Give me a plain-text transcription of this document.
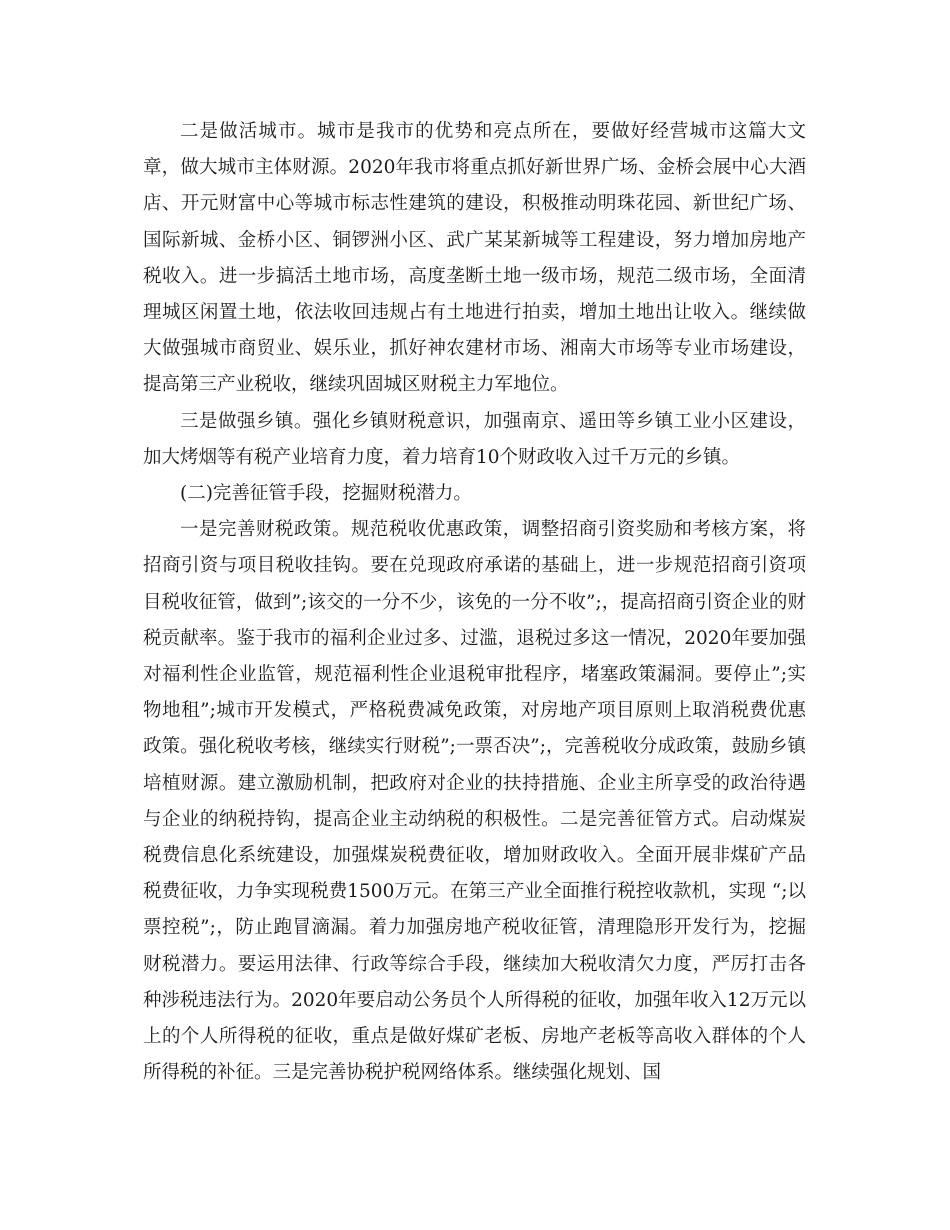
二是做活城市。城市是我市的优势和亮点所在，要做好经营城市这篇大文章，做大城市主体财源。2020年我市将重点抓好新世界广场、金桥会展中心大酒店、开元财富中心等城市标志性建筑的建设，积极推动明珠花园、新世纪广场、国际新城、金桥小区、铜锣洲小区、武广某某新城等工程建设，努力增加房地产税收入。进一步搞活土地市场，高度垄断土地一级市场，规范二级市场，全面清理城区闲置土地，依法收回违规占有土地进行拍卖，增加土地出让收入。继续做大做强城市商贸业、娱乐业，抓好神农建材市场、湘南大市场等专业市场建设，提高第三产业税收，继续巩固城区财税主力军地位。

三是做强乡镇。强化乡镇财税意识，加强南京、遥田等乡镇工业小区建设，加大烤烟等有税产业培育力度，着力培育10个财政收入过千万元的乡镇。

(二)完善征管手段，挖掘财税潜力。

一是完善财税政策。规范税收优惠政策，调整招商引资奖励和考核方案，将招商引资与项目税收挂钩。要在兑现政府承诺的基础上，进一步规范招商引资项目税收征管，做到”;该交的一分不少，该免的一分不收”;，提高招商引资企业的财税贡献率。鉴于我市的福利企业过多、过滥，退税过多这一情况，2020年要加强对福利性企业监管，规范福利性企业退税审批程序，堵塞政策漏洞。要停止”;实物地租”;城市开发模式，严格税费减免政策，对房地产项目原则上取消税费优惠政策。强化税收考核，继续实行财税”;一票否决”;，完善税收分成政策，鼓励乡镇培植财源。建立激励机制，把政府对企业的扶持措施、企业主所享受的政治待遇与企业的纳税持钩，提高企业主动纳税的积极性。二是完善征管方式。启动煤炭税费信息化系统建设，加强煤炭税费征收，增加财政收入。全面开展非煤矿产品税费征收，力争实现税费1500万元。在第三产业全面推行税控收款机，实现 “;以票控税”;，防止跑冒滴漏。着力加强房地产税收征管，清理隐形开发行为，挖掘财税潜力。要运用法律、行政等综合手段，继续加大税收清欠力度，严厉打击各种涉税违法行为。2020年要启动公务员个人所得税的征收，加强年收入12万元以上的个人所得税的征收，重点是做好煤矿老板、房地产老板等高收入群体的个人所得税的补征。三是完善协税护税网络体系。继续强化规划、国
